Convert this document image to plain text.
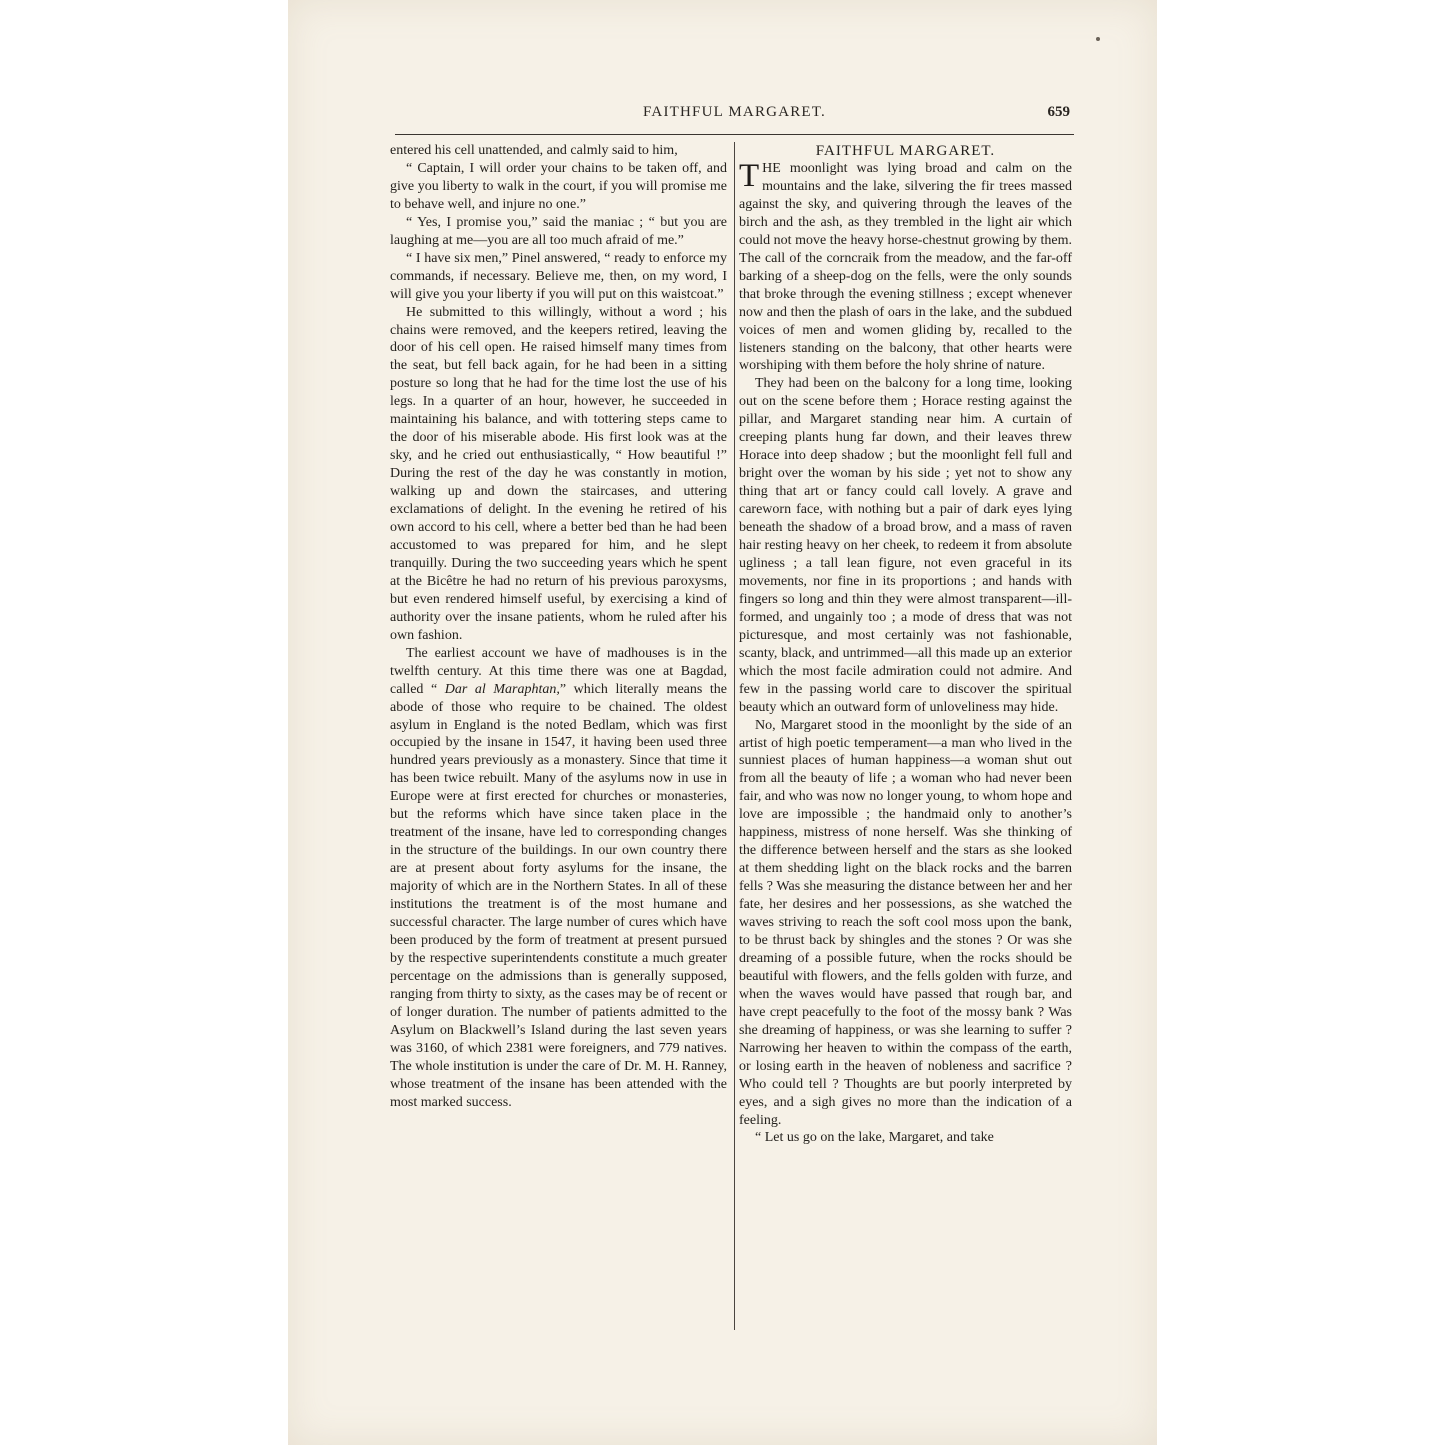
FAITHFUL MARGARET.	659

entered his cell unattended, and calmly said to him,

“ Captain, I will order your chains to be taken off, and give you liberty to walk in the court, if you will promise me to behave well, and injure no one.”

“ Yes, I promise you,” said the maniac ; “ but you are laughing at me—you are all too much afraid of me.”

“ I have six men,” Pinel answered, “ ready to enforce my commands, if necessary. Believe me, then, on my word, I will give you your liberty if you will put on this waistcoat.”

He submitted to this willingly, without a word ; his chains were removed, and the keepers retired, leaving the door of his cell open. He raised himself many times from the seat, but fell back again, for he had been in a sitting posture so long that he had for the time lost the use of his legs. In a quarter of an hour, however, he succeeded in maintaining his balance, and with tottering steps came to the door of his miserable abode. His first look was at the sky, and he cried out enthusiastically, “ How beautiful !” During the rest of the day he was constantly in motion, walking up and down the staircases, and uttering exclamations of delight. In the evening he retired of his own accord to his cell, where a better bed than he had been accustomed to was prepared for him, and he slept tranquilly. During the two succeeding years which he spent at the Bicêtre he had no return of his previous paroxysms, but even rendered himself useful, by exercising a kind of authority over the insane patients, whom he ruled after his own fashion.

The earliest account we have of madhouses is in the twelfth century. At this time there was one at Bagdad, called “ Dar al Maraphtan,” which literally means the abode of those who require to be chained. The oldest asylum in England is the noted Bedlam, which was first occupied by the insane in 1547, it having been used three hundred years previously as a monastery. Since that time it has been twice rebuilt. Many of the asylums now in use in Europe were at first erected for churches or monasteries, but the reforms which have since taken place in the treatment of the insane, have led to corresponding changes in the structure of the buildings. In our own country there are at present about forty asylums for the insane, the majority of which are in the Northern States. In all of these institutions the treatment is of the most humane and successful character. The large number of cures which have been produced by the form of treatment at present pursued by the respective superintendents constitute a much greater percentage on the admissions than is generally supposed, ranging from thirty to sixty, as the cases may be of recent or of longer duration. The number of patients admitted to the Asylum on Blackwell’s Island during the last seven years was 3160, of which 2381 were foreigners, and 779 natives. The whole institution is under the care of Dr. M. H. Ranney, whose treatment of the insane has been attended with the most marked success.

FAITHFUL MARGARET.

THE moonlight was lying broad and calm on the mountains and the lake, silvering the fir trees massed against the sky, and quivering through the leaves of the birch and the ash, as they trembled in the light air which could not move the heavy horse-chestnut growing by them. The call of the corncraik from the meadow, and the far-off barking of a sheep-dog on the fells, were the only sounds that broke through the evening stillness ; except whenever now and then the plash of oars in the lake, and the subdued voices of men and women gliding by, recalled to the listeners standing on the balcony, that other hearts were worshiping with them before the holy shrine of nature.

They had been on the balcony for a long time, looking out on the scene before them ; Horace resting against the pillar, and Margaret standing near him. A curtain of creeping plants hung far down, and their leaves threw Horace into deep shadow ; but the moonlight fell full and bright over the woman by his side ; yet not to show any thing that art or fancy could call lovely. A grave and careworn face, with nothing but a pair of dark eyes lying beneath the shadow of a broad brow, and a mass of raven hair resting heavy on her cheek, to redeem it from absolute ugliness ; a tall lean figure, not even graceful in its movements, nor fine in its proportions ; and hands with fingers so long and thin they were almost transparent—ill-formed, and ungainly too ; a mode of dress that was not picturesque, and most certainly was not fashionable, scanty, black, and untrimmed—all this made up an exterior which the most facile admiration could not admire. And few in the passing world care to discover the spiritual beauty which an outward form of unloveliness may hide.

No, Margaret stood in the moonlight by the side of an artist of high poetic temperament—a man who lived in the sunniest places of human happiness—a woman shut out from all the beauty of life ; a woman who had never been fair, and who was now no longer young, to whom hope and love are impossible ; the handmaid only to another’s happiness, mistress of none herself. Was she thinking of the difference between herself and the stars as she looked at them shedding light on the black rocks and the barren fells ? Was she measuring the distance between her and her fate, her desires and her possessions, as she watched the waves striving to reach the soft cool moss upon the bank, to be thrust back by shingles and the stones ? Or was she dreaming of a possible future, when the rocks should be beautiful with flowers, and the fells golden with furze, and when the waves would have passed that rough bar, and have crept peacefully to the foot of the mossy bank ? Was she dreaming of happiness, or was she learning to suffer ? Narrowing her heaven to within the compass of the earth, or losing earth in the heaven of nobleness and sacrifice ? Who could tell ? Thoughts are but poorly interpreted by eyes, and a sigh gives no more than the indication of a feeling.

“ Let us go on the lake, Margaret, and take
